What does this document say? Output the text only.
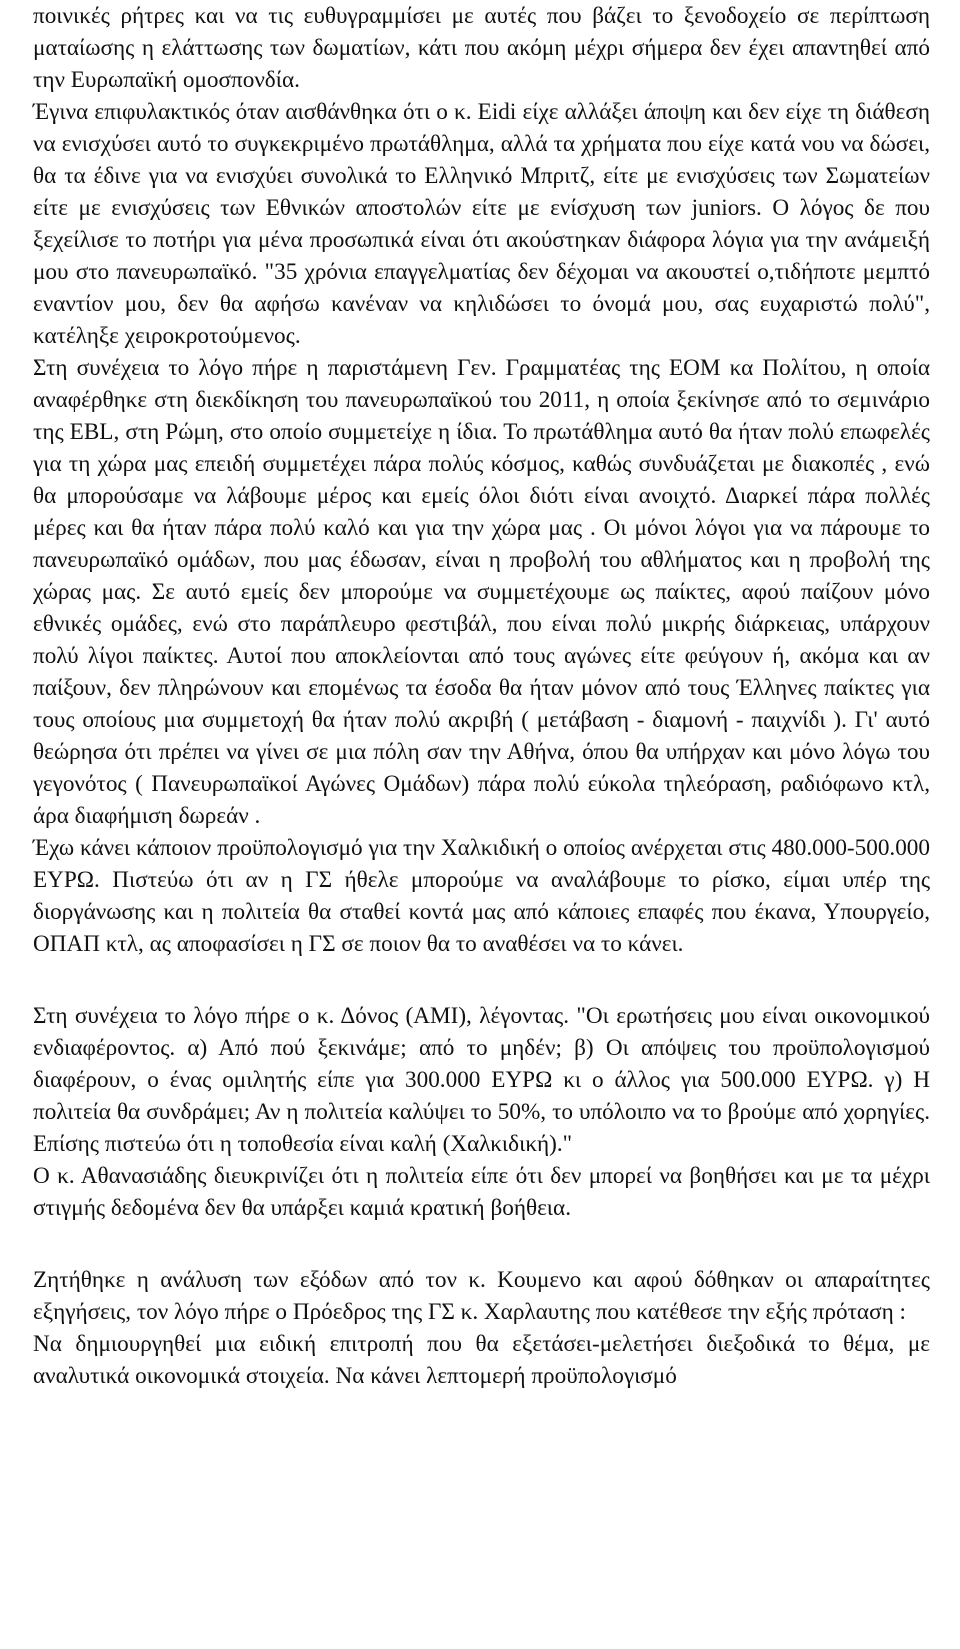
ποινικές ρήτρες και να τις ευθυγραμμίσει με αυτές που βάζει το ξενοδοχείο σε περίπτωση ματαίωσης η ελάττωσης των δωματίων, κάτι που ακόμη μέχρι σήμερα δεν έχει απαντηθεί από την Ευρωπαϊκή ομοσπονδία.

Έγινα επιφυλακτικός όταν αισθάνθηκα ότι ο κ. Eidi είχε αλλάξει άποψη και δεν είχε τη διάθεση να ενισχύσει αυτό το συγκεκριμένο πρωτάθλημα, αλλά τα χρήματα που είχε κατά νου να δώσει, θα τα έδινε για να ενισχύει συνολικά το Ελληνικό Μπριτζ, είτε με ενισχύσεις των Σωματείων είτε με ενισχύσεις των Εθνικών αποστολών είτε με ενίσχυση των juniors. Ο λόγος δε που ξεχείλισε το ποτήρι για μένα προσωπικά είναι ότι ακούστηκαν διάφορα λόγια για την ανάμειξή μου στο πανευρωπαϊκό. "35 χρόνια επαγγελματίας δεν δέχομαι να ακουστεί ο,τιδήποτε μεμπτό εναντίον μου, δεν θα αφήσω κανέναν να κηλιδώσει το όνομά μου, σας ευχαριστώ πολύ", κατέληξε χειροκροτούμενος.

Στη συνέχεια το λόγο πήρε η παριστάμενη Γεν. Γραμματέας της ΕΟΜ κα Πολίτου, η οποία αναφέρθηκε στη διεκδίκηση του πανευρωπαϊκού του 2011, η οποία ξεκίνησε από το σεμινάριο της EBL, στη Ρώμη, στο οποίο συμμετείχε η ίδια. Το πρωτάθλημα αυτό θα ήταν πολύ επωφελές για τη χώρα μας επειδή συμμετέχει πάρα πολύς κόσμος, καθώς συνδυάζεται με διακοπές , ενώ θα μπορούσαμε να λάβουμε μέρος και εμείς όλοι διότι είναι ανοιχτό. Διαρκεί πάρα πολλές μέρες και θα ήταν πάρα πολύ καλό και για την χώρα μας . Οι μόνοι λόγοι για να πάρουμε το πανευρωπαϊκό ομάδων, που μας έδωσαν, είναι η προβολή του αθλήματος και η προβολή της χώρας μας. Σε αυτό εμείς δεν μπορούμε να συμμετέχουμε ως παίκτες, αφού παίζουν μόνο εθνικές ομάδες, ενώ στο παράπλευρο φεστιβάλ, που είναι πολύ μικρής διάρκειας, υπάρχουν πολύ λίγοι παίκτες. Αυτοί που αποκλείονται από τους αγώνες είτε φεύγουν ή, ακόμα και αν παίξουν, δεν πληρώνουν και επομένως τα έσοδα θα ήταν μόνον από τους Έλληνες παίκτες για τους οποίους μια συμμετοχή θα ήταν πολύ ακριβή ( μετάβαση - διαμονή - παιχνίδι ). Γι' αυτό θεώρησα ότι πρέπει να γίνει σε μια πόλη σαν την Αθήνα, όπου θα υπήρχαν και μόνο λόγω του γεγονότος ( Πανευρωπαϊκοί Αγώνες Ομάδων) πάρα πολύ εύκολα τηλεόραση, ραδιόφωνο κτλ, άρα διαφήμιση δωρεάν .

Έχω κάνει κάποιον προϋπολογισμό για την Χαλκιδική ο οποίος ανέρχεται στις 480.000-500.000 ΕΥΡΩ. Πιστεύω ότι αν η ΓΣ ήθελε μπορούμε να αναλάβουμε το ρίσκο, είμαι υπέρ της διοργάνωσης και η πολιτεία θα σταθεί κοντά μας από κάποιες επαφές που έκανα, Υπουργείο, ΟΠΑΠ κτλ, ας αποφασίσει η ΓΣ σε ποιον θα το αναθέσει να το κάνει.

Στη συνέχεια το λόγο πήρε ο κ. Δόνος (ΑΜΙ), λέγοντας. "Οι ερωτήσεις μου είναι οικονομικού ενδιαφέροντος. α) Από πού ξεκινάμε; από το μηδέν; β) Οι απόψεις του προϋπολογισμού διαφέρουν, ο ένας ομιλητής είπε για 300.000 ΕΥΡΩ κι ο άλλος για 500.000 ΕΥΡΩ. γ) Η πολιτεία θα συνδράμει; Αν η πολιτεία καλύψει το 50%, το υπόλοιπο να το βρούμε από χορηγίες. Επίσης πιστεύω ότι η τοποθεσία είναι καλή (Χαλκιδική)."

Ο κ. Αθανασιάδης διευκρινίζει ότι η πολιτεία είπε ότι δεν μπορεί να βοηθήσει και με τα μέχρι στιγμής δεδομένα δεν θα υπάρξει καμιά κρατική βοήθεια.

Ζητήθηκε η ανάλυση των εξόδων από τον κ. Κουμενο και αφού δόθηκαν οι απαραίτητες εξηγήσεις, τον λόγο πήρε ο Πρόεδρος της ΓΣ κ. Χαρλαυτης που κατέθεσε την εξής πρόταση :

Να δημιουργηθεί μια ειδική επιτροπή που θα εξετάσει-μελετήσει διεξοδικά το θέμα, με αναλυτικά οικονομικά στοιχεία. Να κάνει λεπτομερή προϋπολογισμό
